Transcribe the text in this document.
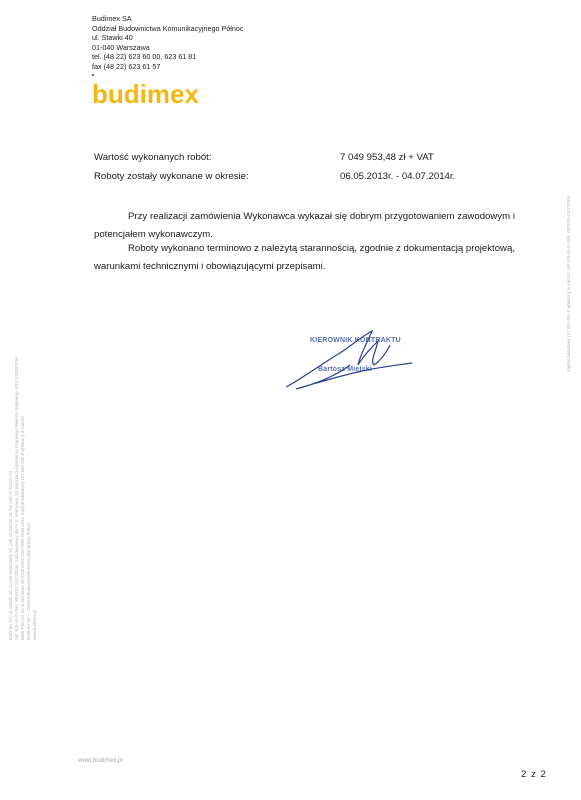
Budimex SA
Oddział Budownictwa Komunikacyjnego Północ
ul. Stawki 40
01-040 Warszawa
tel. (48 22) 623 60 00, 623 61 81
fax (48 22) 623 61 57
budimex
Wartość wykonanych robót:	7 049 953,48 zł + VAT
Roboty zostały wykonane w okresie:	06.05.2013r. - 04.07.2014r.
Przy realizacji zamówienia Wykonawca wykazał się dobrym przygotowaniem zawodowym i potencjałem wykonawczym.
Roboty wykonano terminowo z należytą starannością, zgodnie z dokumentacją projektową, warunkami technicznymi i obowiązującymi przepisami.
KIEROWNIK KONTRAKTU
Bartosz Miejski
Budimex SA, ul. Stawki 40, 01-040 Warszawa, tel. (48) 22 623 60 00, fax (48) 22 623 61 01 NIP 526-10-01-591, REGON 010732630, Sąd Rejonowy dla m.st. Warszawy, XII Wydział Gospodarczy Krajowego Rejestru Sądowego KRS 0000001764 Bank PEKAO SA nr rachunku 36 1240 6003 1111 0000 0498 2664, Kapitał zakładowy 127 650 490 zł wpłacony w całości Budimex SA — Oddział Budownictwa Komunikacyjnego Północ www.budimex.pl
Kapitał zakładowy 127 650 490 zł wpłacony w całości, NIP 526-10-01-591, REGON 010732630
www.budimex.pl
2 z 2
